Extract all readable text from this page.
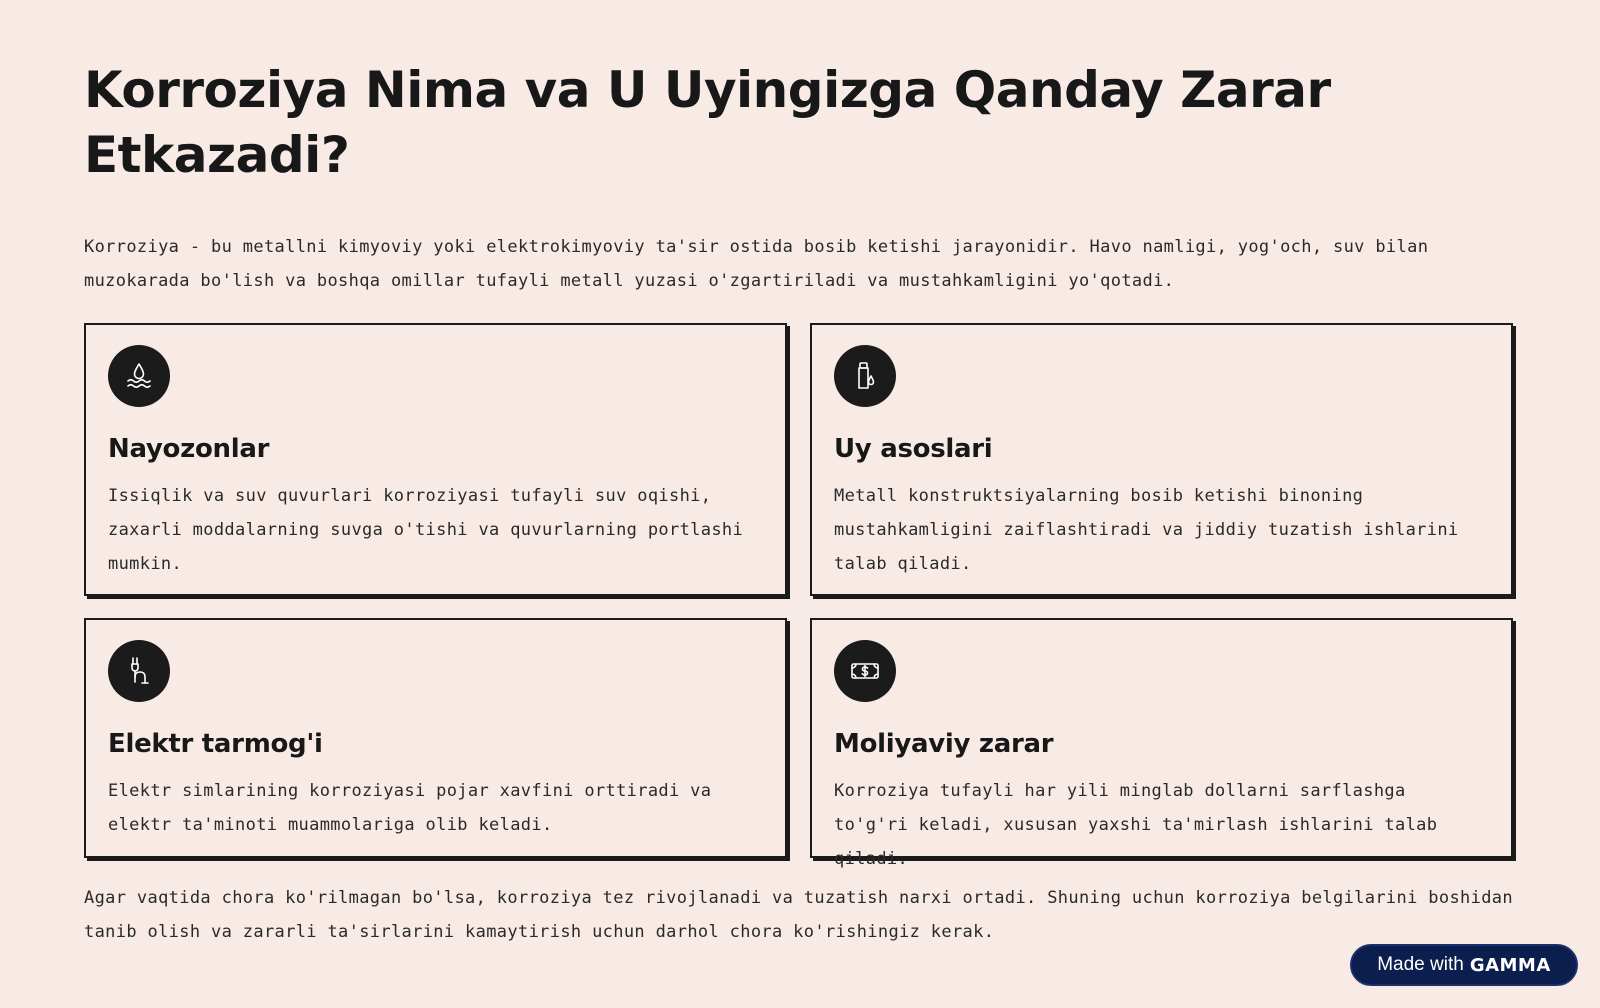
Korroziya Nima va U Uyingizga Qanday Zarar Etkazadi?

Korroziya - bu metallni kimyoviy yoki elektrokimyoviy ta'sir ostida bosib ketishi jarayonidir. Havo namligi, yog'och, suv bilan muzokarada bo'lish va boshqa omillar tufayli metall yuzasi o'zgartiriladi va mustahkamligini yo'qotadi.

Nayozonlar

Issiqlik va suv quvurlari korroziyasi tufayli suv oqishi, zaxarli moddalarning suvga o'tishi va quvurlarning portlashi mumkin.

Uy asoslari

Metall konstruktsiyalarning bosib ketishi binoning mustahkamligini zaiflashtiradi va jiddiy tuzatish ishlarini talab qiladi.

Elektr tarmog'i

Elektr simlarining korroziyasi pojar xavfini orttiradi va elektr ta'minoti muammolariga olib keladi.

Moliyaviy zarar

Korroziya tufayli har yili minglab dollarni sarflashga to'g'ri keladi, xususan yaxshi ta'mirlash ishlarini talab qiladi.

Agar vaqtida chora ko'rilmagan bo'lsa, korroziya tez rivojlanadi va tuzatish narxi ortadi. Shuning uchun korroziya belgilarini boshidan tanib olish va zararli ta'sirlarini kamaytirish uchun darhol chora ko'rishingiz kerak.

Made with GAMMA
